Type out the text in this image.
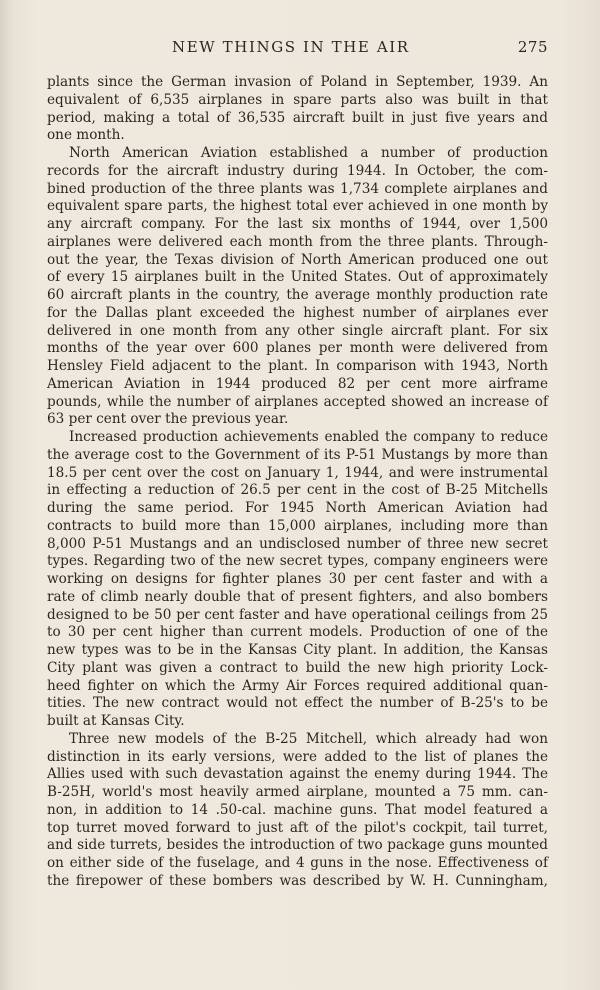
NEW THINGS IN THE AIR	275
plants since the German invasion of Poland in September, 1939. An
equivalent of 6,535 airplanes in spare parts also was built in that
period, making a total of 36,535 aircraft built in just five years and
one month.
North American Aviation established a number of production
records for the aircraft industry during 1944. In October, the com-
bined production of the three plants was 1,734 complete airplanes and
equivalent spare parts, the highest total ever achieved in one month by
any aircraft company. For the last six months of 1944, over 1,500
airplanes were delivered each month from the three plants. Through-
out the year, the Texas division of North American produced one out
of every 15 airplanes built in the United States. Out of approximately
60 aircraft plants in the country, the average monthly production rate
for the Dallas plant exceeded the highest number of airplanes ever
delivered in one month from any other single aircraft plant. For six
months of the year over 600 planes per month were delivered from
Hensley Field adjacent to the plant. In comparison with 1943, North
American Aviation in 1944 produced 82 per cent more airframe
pounds, while the number of airplanes accepted showed an increase of
63 per cent over the previous year.
Increased production achievements enabled the company to reduce
the average cost to the Government of its P-51 Mustangs by more than
18.5 per cent over the cost on January 1, 1944, and were instrumental
in effecting a reduction of 26.5 per cent in the cost of B-25 Mitchells
during the same period. For 1945 North American Aviation had
contracts to build more than 15,000 airplanes, including more than
8,000 P-51 Mustangs and an undisclosed number of three new secret
types. Regarding two of the new secret types, company engineers were
working on designs for fighter planes 30 per cent faster and with a
rate of climb nearly double that of present fighters, and also bombers
designed to be 50 per cent faster and have operational ceilings from 25
to 30 per cent higher than current models. Production of one of the
new types was to be in the Kansas City plant. In addition, the Kansas
City plant was given a contract to build the new high priority Lock-
heed fighter on which the Army Air Forces required additional quan-
tities. The new contract would not effect the number of B-25's to be
built at Kansas City.
Three new models of the B-25 Mitchell, which already had won
distinction in its early versions, were added to the list of planes the
Allies used with such devastation against the enemy during 1944. The
B-25H, world's most heavily armed airplane, mounted a 75 mm. can-
non, in addition to 14 .50-cal. machine guns. That model featured a
top turret moved forward to just aft of the pilot's cockpit, tail turret,
and side turrets, besides the introduction of two package guns mounted
on either side of the fuselage, and 4 guns in the nose. Effectiveness of
the firepower of these bombers was described by W. H. Cunningham,
